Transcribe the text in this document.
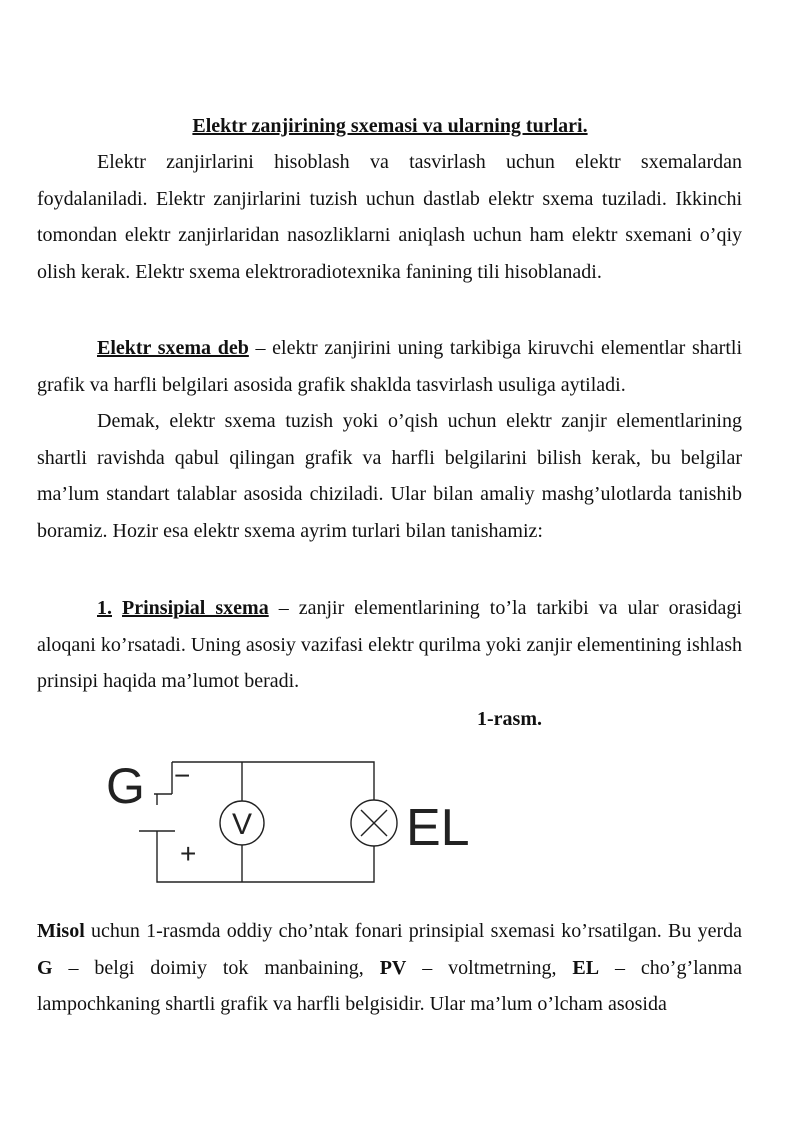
Elektr zanjirining sxemasi va ularning turlari.

Elektr zanjirlarini hisoblash va tasvirlash uchun elektr sxemalardan foydalaniladi. Elektr zanjirlarini tuzish uchun dastlab elektr sxema tuziladi. Ikkinchi tomondan elektr zanjirlaridan nasozliklarni aniqlash uchun ham elektr sxemani o’qiy olish kerak. Elektr sxema elektroradiotexnika fanining tili hisoblanadi.

Elektr sxema deb – elektr zanjirini uning tarkibiga kiruvchi elementlar shartli grafik va harfli belgilari asosida grafik shaklda tasvirlash usuliga aytiladi.

Demak, elektr sxema tuzish yoki o’qish uchun elektr zanjir elementlarining shartli ravishda qabul qilingan grafik va harfli belgilarini bilish kerak, bu belgilar ma’lum standart talablar asosida chiziladi. Ular bilan amaliy mashg’ulotlarda tanishib boramiz. Hozir esa elektr sxema ayrim turlari bilan tanishamiz:

1. Prinsipial sxema – zanjir elementlarining to’la tarkibi va ular orasidagi aloqani ko’rsatadi. Uning asosiy vazifasi elektr qurilma yoki zanjir elementining ishlash prinsipi haqida ma’lumot beradi.

1-rasm.
V
G −
+	EL

Misol uchun 1-rasmda oddiy cho’ntak fonari prinsipial sxemasi ko’rsatilgan. Bu yerda G – belgi doimiy tok manbaining, PV – voltmetrning, EL – cho’g’lanma lampochkaning shartli grafik va harfli belgisidir. Ular ma’lum o’lcham asosida
